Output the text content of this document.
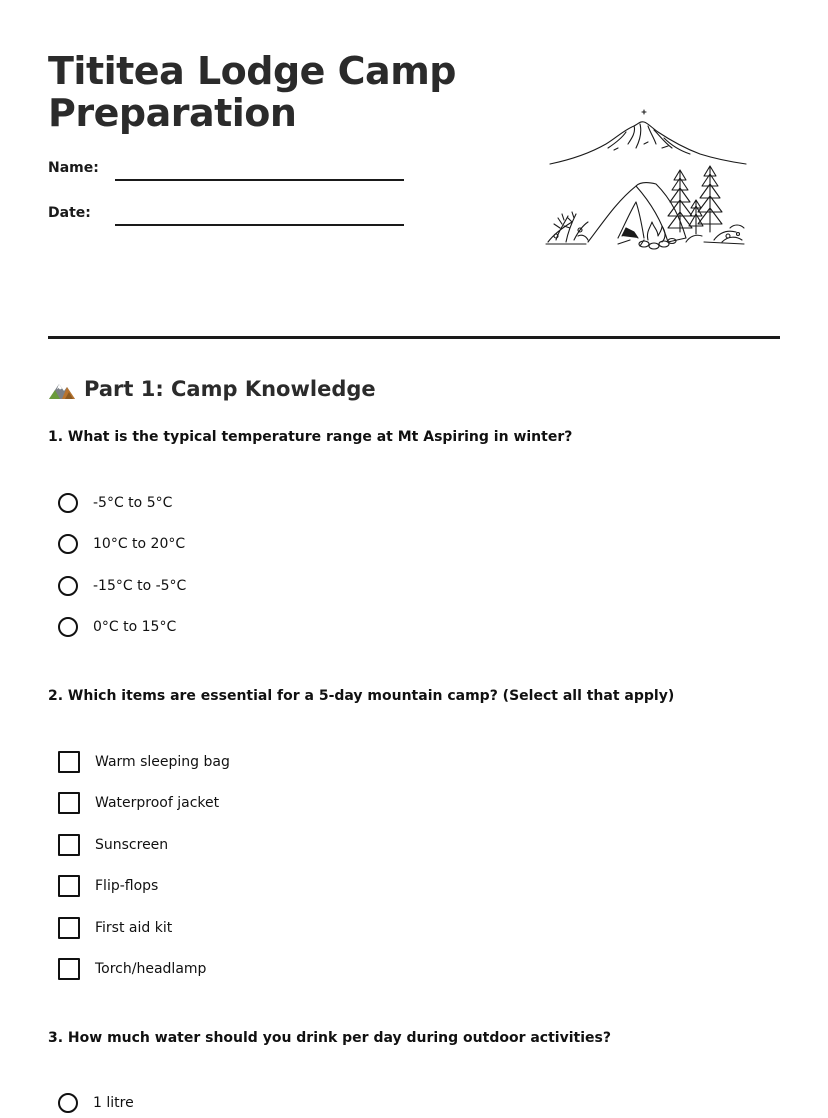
Tititea Lodge Camp
Preparation
Name:
Date:
Part 1: Camp Knowledge
1. What is the typical temperature range at Mt Aspiring in winter?
-5°C to 5°C
10°C to 20°C
-15°C to -5°C
0°C to 15°C
2. Which items are essential for a 5-day mountain camp? (Select all that apply)
Warm sleeping bag
Waterproof jacket
Sunscreen
Flip-flops
First aid kit
Torch/headlamp
3. How much water should you drink per day during outdoor activities?
1 litre
